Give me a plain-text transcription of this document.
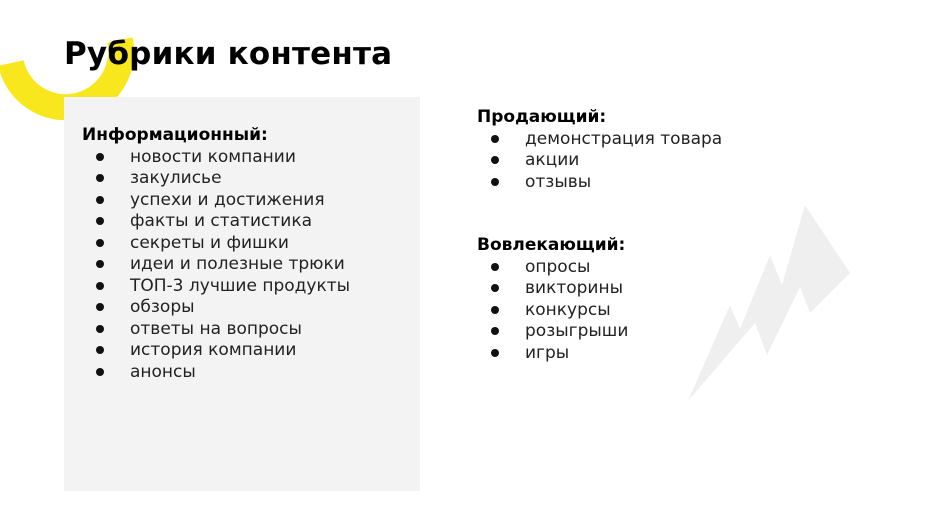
Рубрики контента
Информационный:
новости компании
закулисье
успехи и достижения
факты и статистика
секреты и фишки
идеи и полезные трюки
ТОП-3 лучшие продукты
обзоры
ответы на вопросы
история компании
анонсы
Продающий:
демонстрация товара
акции
отзывы
Вовлекающий:
опросы
викторины
конкурсы
розыгрыши
игры
